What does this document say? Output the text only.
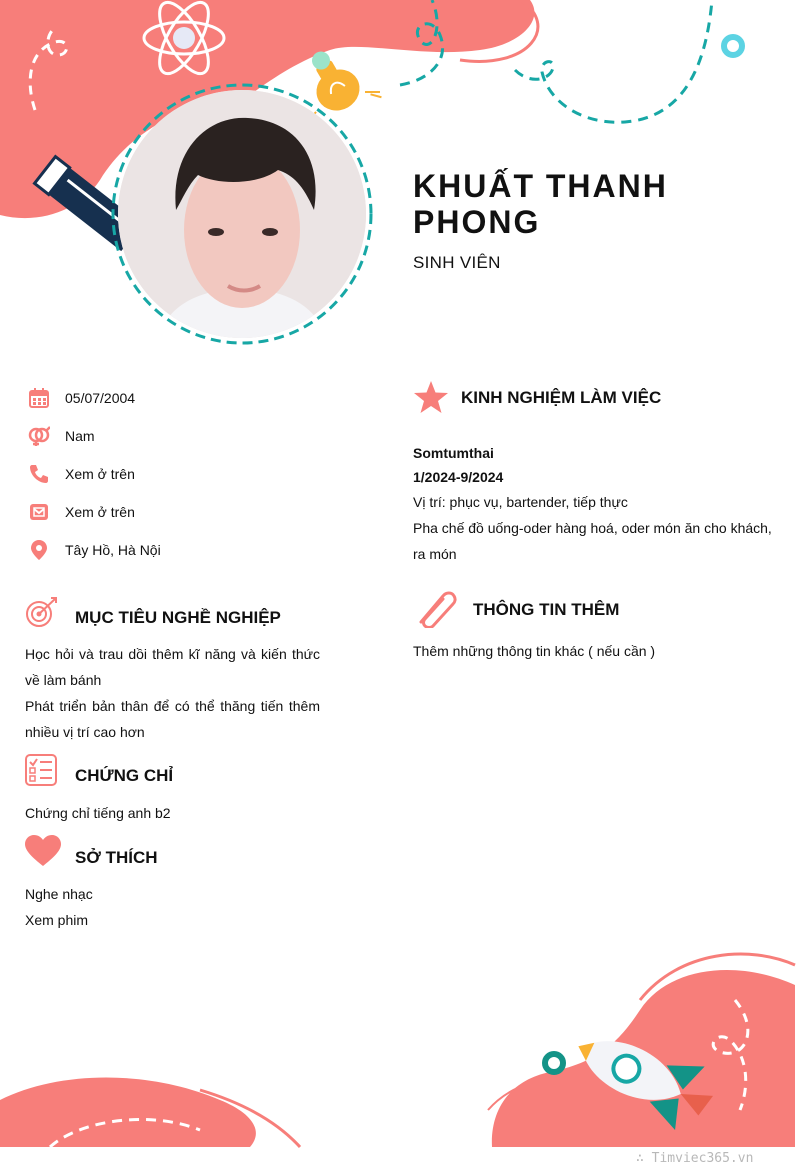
KHUẤT THANH PHONG
SINH VIÊN
05/07/2004
Nam
Xem ở trên
Xem ở trên
Tây Hồ, Hà Nội
MỤC TIÊU NGHỀ NGHIỆP
Học hỏi và trau dồi thêm kĩ năng và kiến thức về làm bánh
Phát triển bản thân để có thể thăng tiến thêm nhiều vị trí cao hơn
CHỨNG CHỈ
Chứng chỉ tiếng anh b2
SỞ THÍCH
Nghe nhạc
Xem phim
KINH NGHIỆM LÀM VIỆC
Somtumthai
1/2024-9/2024
Vị trí: phục vụ, bartender, tiếp thực
Pha chế đồ uống-oder hàng hoá, oder món ăn cho khách, ra món
THÔNG TIN THÊM
Thêm những thông tin khác ( nếu cần )
∴ Timviec365.vn
